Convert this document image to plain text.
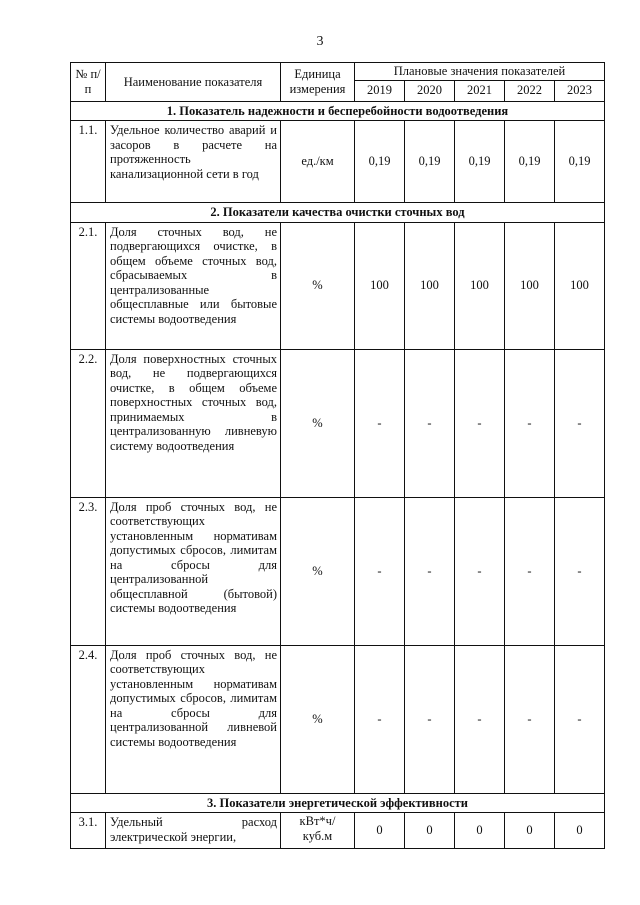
3
№ п/п	Наименование показателя	Единица измерения	Плановые значения показателей				
			2019	2020	2021	2022	2023
1. Показатель надежности и бесперебойности водоотведения							
1.1.	Удельное количество аварий и засоров в расчете на протяженность канализационной сети в год	ед./км	0,19	0,19	0,19	0,19	0,19
2. Показатели качества очистки сточных вод							
2.1.	Доля сточных вод, не подвергающихся очистке, в общем объеме сточных вод, сбрасываемых в централизованные общесплавные или бытовые системы водоотведения	%	100	100	100	100	100
2.2.	Доля поверхностных сточных вод, не подвергающихся очистке, в общем объеме поверхностных сточных вод, принимаемых в централизованную ливневую систему водоотведения	%	-	-	-	-	-
2.3.	Доля проб сточных вод, не соответствующих установленным нормативам допустимых сбросов, лимитам на сбросы для централизованной общесплавной (бытовой) системы водоотведения	%	-	-	-	-	-
2.4.	Доля проб сточных вод, не соответствующих установленным нормативам допустимых сбросов, лимитам на сбросы для централизованной ливневой системы водоотведения	%	-	-	-	-	-
3. Показатели энергетической эффективности							
3.1.	Удельный расход электрической энергии,	кВт*ч/ куб.м	0	0	0	0	0
